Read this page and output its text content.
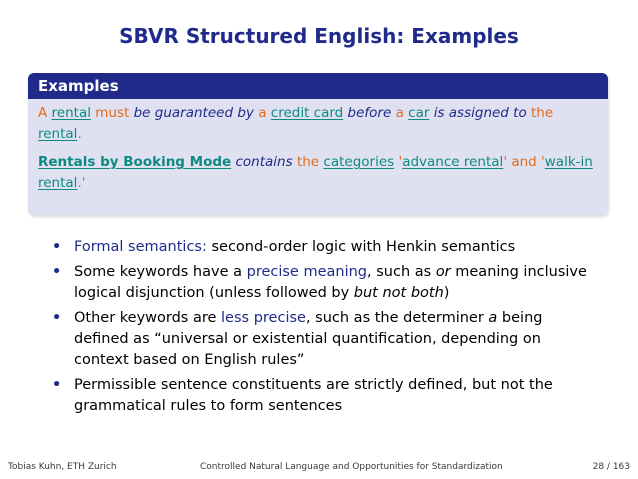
SBVR Structured English: Examples
Examples

A rental must be guaranteed by a credit card before a car is assigned to the rental.

Rentals by Booking Mode contains the categories 'advance rental' and 'walk-in rental.'

• Formal semantics: second-order logic with Henkin semantics
• Some keywords have a precise meaning, such as or meaning inclusive logical disjunction (unless followed by but not both)
• Other keywords are less precise, such as the determiner a being defined as “universal or existential quantification, depending on context based on English rules”
• Permissible sentence constituents are strictly defined, but not the grammatical rules to form sentences
Tobias Kuhn, ETH Zurich	Controlled Natural Language and Opportunities for Standardization	28 / 163
